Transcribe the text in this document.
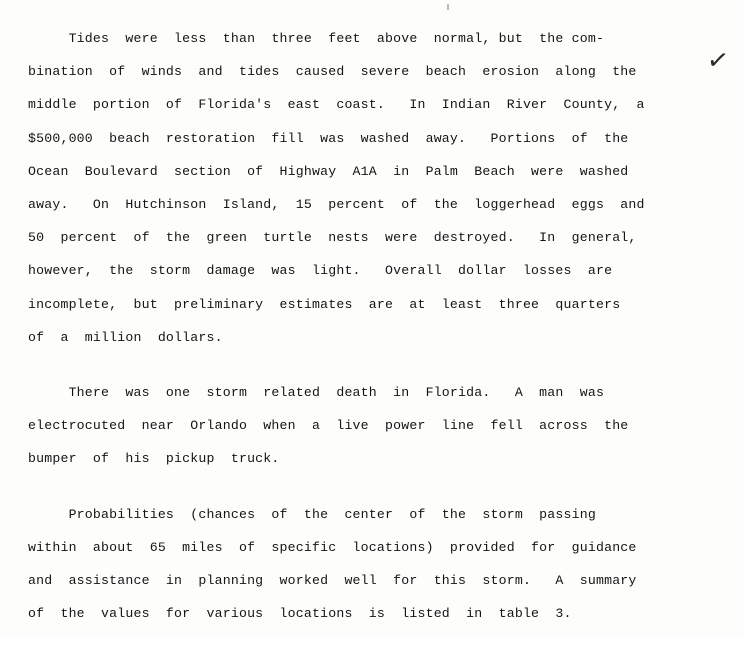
Tides  were  less  than  three  feet  above  normal, but  the com-
bination  of  winds  and  tides  caused  severe  beach  erosion  along  the
middle  portion  of  Florida's  east  coast.   In  Indian  River  County,  a
$500,000  beach  restoration  fill  was  washed  away.   Portions  of  the
Ocean  Boulevard  section  of  Highway  A1A  in  Palm  Beach  were  washed
away.   On  Hutchinson  Island,  15  percent  of  the  loggerhead  eggs  and
50  percent  of  the  green  turtle  nests  were  destroyed.   In  general,
however,  the  storm  damage  was  light.   Overall  dollar  losses  are
incomplete,  but  preliminary  estimates  are  at  least  three  quarters
of  a  million  dollars.
There  was  one  storm  related  death  in  Florida.   A  man  was
electrocuted  near  Orlando  when  a  live  power  line  fell  across  the
bumper  of  his  pickup  truck.
Probabilities  (chances  of  the  center  of  the  storm  passing
within  about  65  miles  of  specific  locations)  provided  for  guidance
and  assistance  in  planning  worked  well  for  this  storm.   A  summary
of  the  values  for  various  locations  is  listed  in  table  3.
✓
